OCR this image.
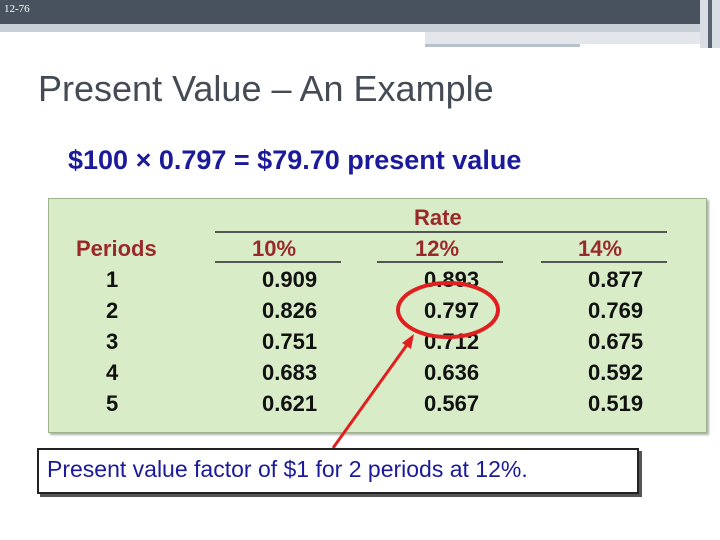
12-76
Present Value – An Example
$100 × 0.797 = $79.70 present value
Rate
Periods	10%	12%	14%
1	0.909	0.893	0.877
2	0.826	0.797	0.769
3	0.751	0.712	0.675
4	0.683	0.636	0.592
5	0.621	0.567	0.519
Present value factor of $1 for 2 periods at 12%.
